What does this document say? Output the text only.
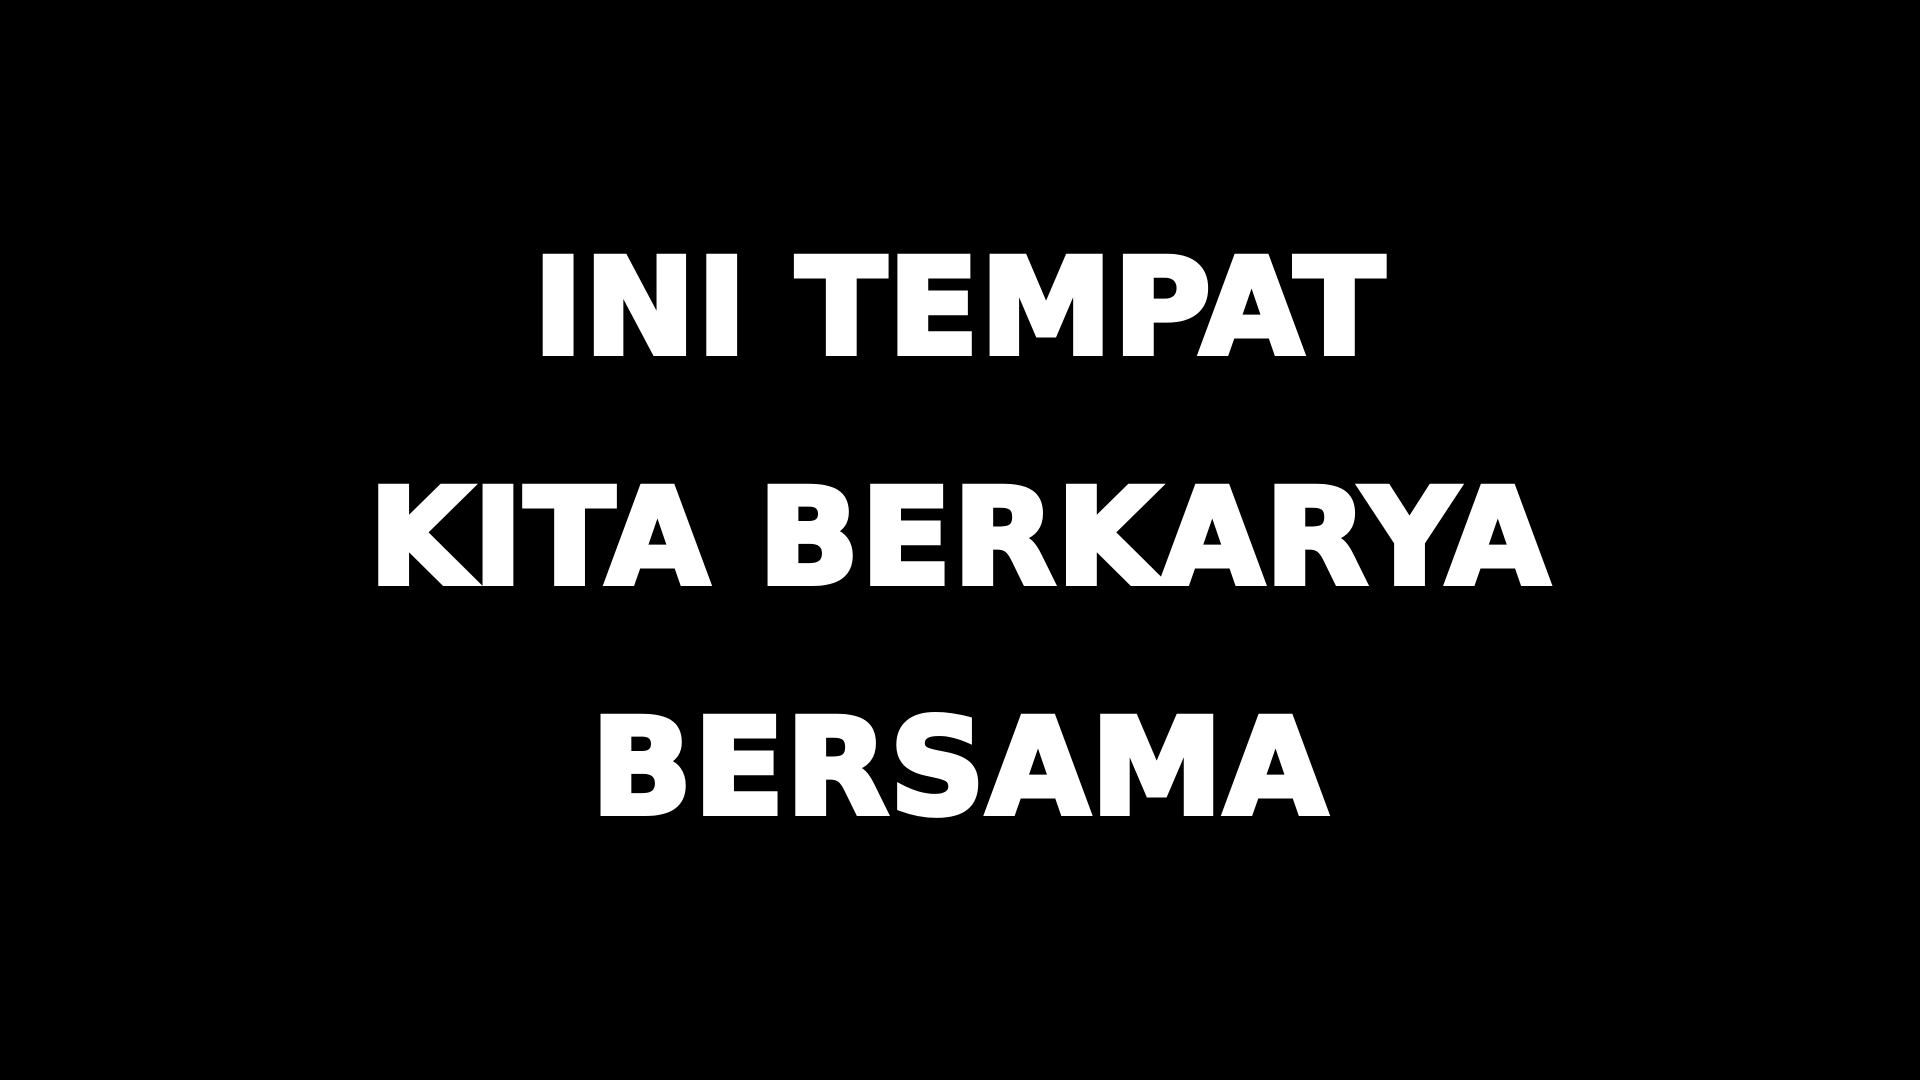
INI TEMPAT
KITA BERKARYA
BERSAMA
